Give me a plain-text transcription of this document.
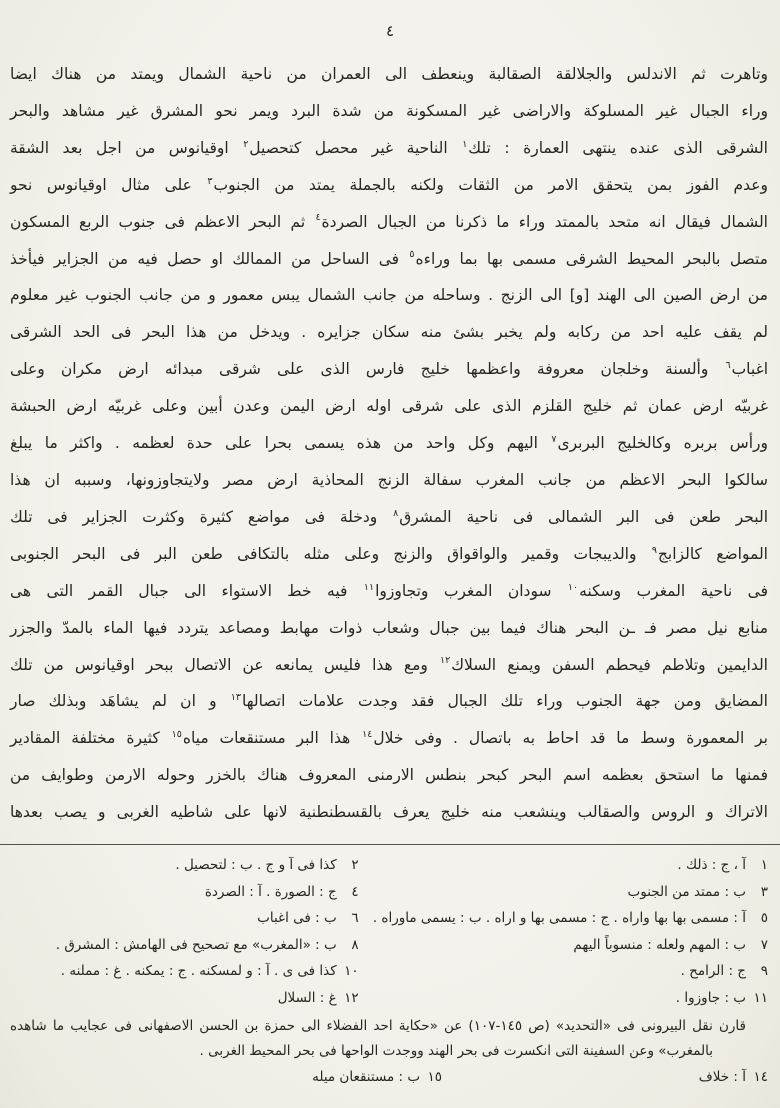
٤
وتاهرت ثم الاندلس والجلالقة الصقالبة وينعطف الى العمران من ناحية الشمال ويمتد من هناك ايضا
وراء الجبال غير المسلوكة والاراضى غير المسكونة من شدة البرد ويمر نحو المشرق غير مشاهد والبحر
الشرقى الذى عنده ينتهى العمارة : تلك$^١$ الناحية غير محصل كتحصيل$^٢$ اوقيانوس من اجل بعد الشقة
وعدم الفوز بمن يتحقق الامر من الثقات ولكنه بالجملة يمتد من الجنوب$^٣$ على مثال اوقيانوس نحو
الشمال فيقال انه متحد بالممتد وراء ما ذكرنا من الجبال الصردة$^٤$ ثم البحر الاعظم فى جنوب الربع المسكون
متصل بالبحر المحيط الشرقى مسمى بها بما وراءه$^٥$ فى الساحل من الممالك او حصل فيه من الجزاير فيأخذ
من ارض الصين الى الهند [و] الى الزنج . وساحله من جانب الشمال يبس معمور و من جانب الجنوب غير معلوم
لم يقف عليه احد من ركابه ولم يخبر بشئ منه سكان جزايره . ويدخل من هذا البحر فى الحد الشرقى
اغباب$^٦$ وألسنة وخلجان معروفة واعظمها خليج فارس الذى على شرقى مبدائه ارض مكران وعلى
غربيّه ارض عمان ثم خليج القلزم الذى على شرقى اوله ارض اليمن وعدن أبين وعلى غربيّه ارض الحبشة
ورأس بربره وكالخليج البربرى$^٧$ اليهم وكل واحد من هذه يسمى بحرا على حدة لعظمه . واكثر ما يبلغ
سالكوا البحر الاعظم من جانب المغرب سفالة الزنج المحاذية ارض مصر ولايتجاوزونها، وسببه ان هذا
البحر طعن فى البر الشمالى فى ناحية المشرق$^٨$ ودخلة فى مواضع كثيرة وكثرت الجزاير فى تلك
المواضع كالزابج$^٩$ والديبجات وقمير والواقواق والزنج وعلى مثله بالتكافى طعن البر فى البحر الجنوبى
فى ناحية المغرب وسكنه$^{١٠}$ سودان المغرب وتجاوزوا$^{١١}$ فيه خط الاستواء الى جبال القمر التى هى
منابع نيل مصر فـ ـن البحر هناك فيما بين جبال وشعاب ذوات مهابط ومصاعد يتردد فيها الماء بالمدّ والجزر
الدايمين وتلاطم فيحطم السفن ويمنع السلاك$^{١٢}$ ومع هذا فليس يمانعه عن الاتصال ببحر اوقيانوس من تلك
المضايق ومن جهة الجنوب وراء تلك الجبال فقد وجدت علامات اتصالها$^{١٣}$ و ان لم يشاهَد وبذلك صار
بر المعمورة وسط ما قد احاط به باتصال . وفى خلال$^{١٤}$ هذا البر مستنقعات مياه$^{١٥}$ كثيرة مختلفة المقادير
فمنها ما استحق بعظمه اسم البحر كبحر بنطس الارمنى المعروف هناك بالخزر وحوله الارمن وطوايف من
الاتراك و الروس والصقالب وينشعب منه خليج يعرف بالقسطنطنية لانها على شاطيه الغربى و يصب بعدها
١آ ، ج : ذلك .
٢كذا فى آ و ج . ب : لتحصيل .
٣ب : ممتد من الجنوب
٤ج : الصورة . آ : الصردة
٥آ : مسمى بها بها واراه . ج : مسمى بها و اراه . ب : يسمى ماوراه .
٦ب : فى اغباب
٧ب : المهم ولعله : منسوباً اليهم
٨ب : «المغرب» مع تصحيح فى الهامش : المشرق .
٩ج : الرامح .
١٠كذا فى ى . آ : و لمسكنه . ج : يمكنه . غ : مملنه .
١١ب : جاوزوا .
١٢غ : السلال
قارن نقل البيرونى فى «التحديد» (ص ١٤٥-١٠٧) عن «حكاية احد الفضلاء الى حمزة بن الحسن الاصفهانى فى عجايب ما شاهده بالمغرب» وعن السفينة التى انكسرت فى بحر الهند ووجدت الواحها فى بحر المحيط الغربى .
١٤آ : خلاف
١٥ب : مستنقعان ميله
